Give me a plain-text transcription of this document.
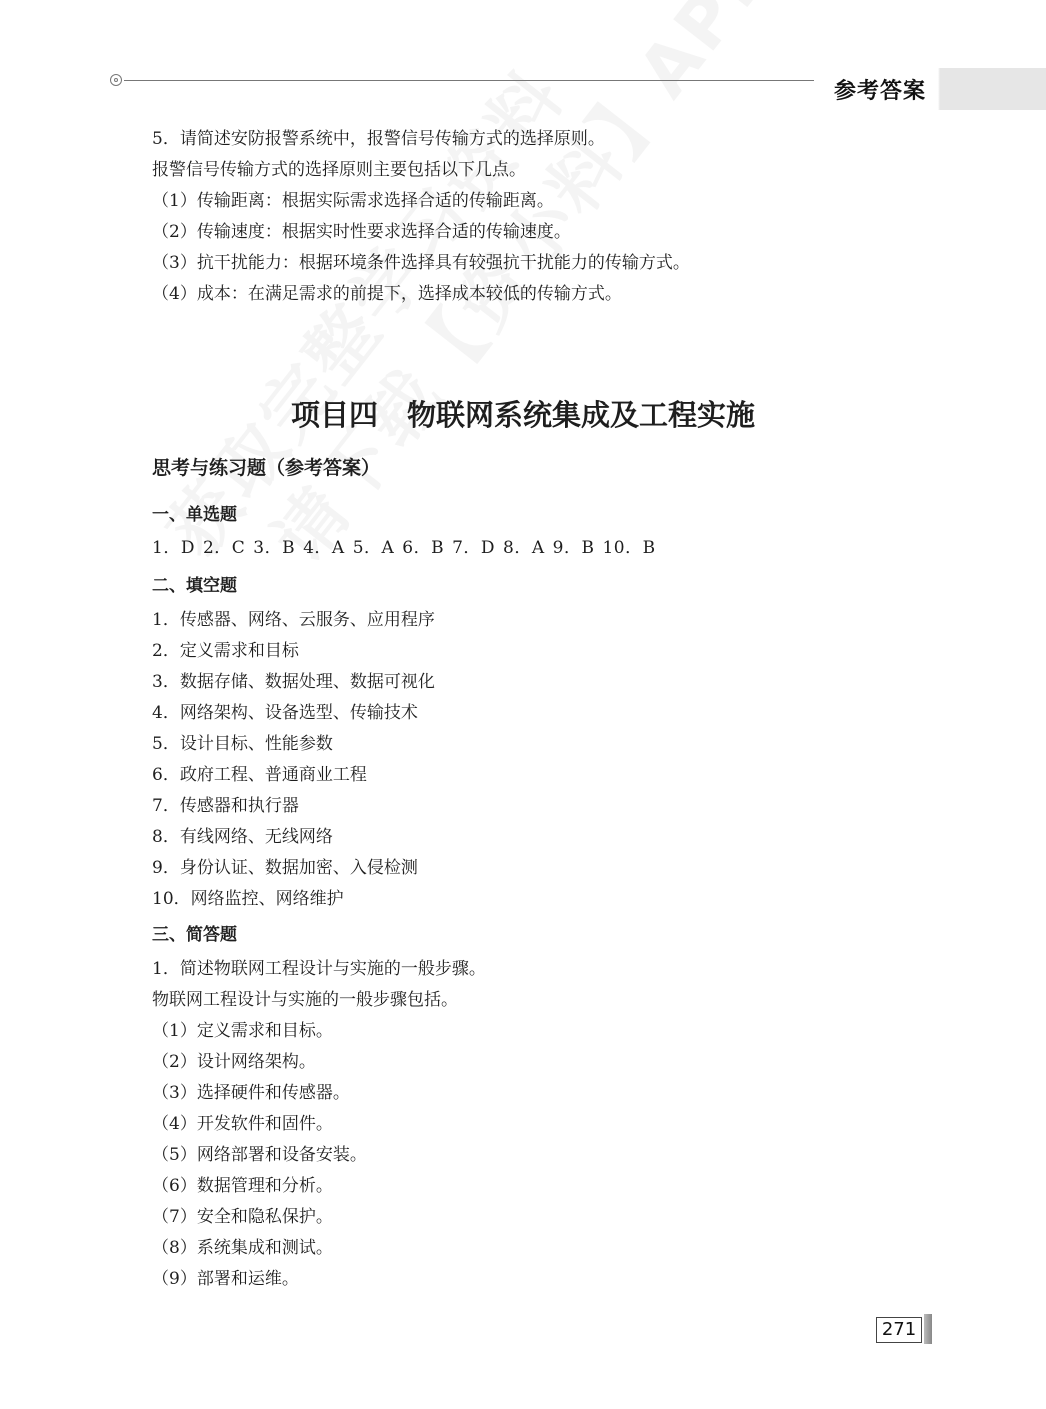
参考答案
5．请简述安防报警系统中，报警信号传输方式的选择原则。
报警信号传输方式的选择原则主要包括以下几点。
（1）传输距离：根据实际需求选择合适的传输距离。
（2）传输速度：根据实时性要求选择合适的传输速度。
（3）抗干扰能力：根据环境条件选择具有较强抗干扰能力的传输方式。
（4）成本：在满足需求的前提下，选择成本较低的传输方式。
项目四　物联网系统集成及工程实施
思考与练习题（参考答案）
一、单选题
1．D 2．C 3．B 4．A 5．A 6．B 7．D 8．A 9．B 10．B
二、填空题
1．传感器、网络、云服务、应用程序
2．定义需求和目标
3．数据存储、数据处理、数据可视化
4．网络架构、设备选型、传输技术
5．设计目标、性能参数
6．政府工程、普通商业工程
7．传感器和执行器
8．有线网络、无线网络
9．身份认证、数据加密、入侵检测
10．网络监控、网络维护
三、简答题
1．简述物联网工程设计与实施的一般步骤。
物联网工程设计与实施的一般步骤包括。
（1）定义需求和目标。
（2）设计网络架构。
（3）选择硬件和传感器。
（4）开发软件和固件。
（5）网络部署和设备安装。
（6）数据管理和分析。
（7）安全和隐私保护。
（8）系统集成和测试。
（9）部署和运维。
271
